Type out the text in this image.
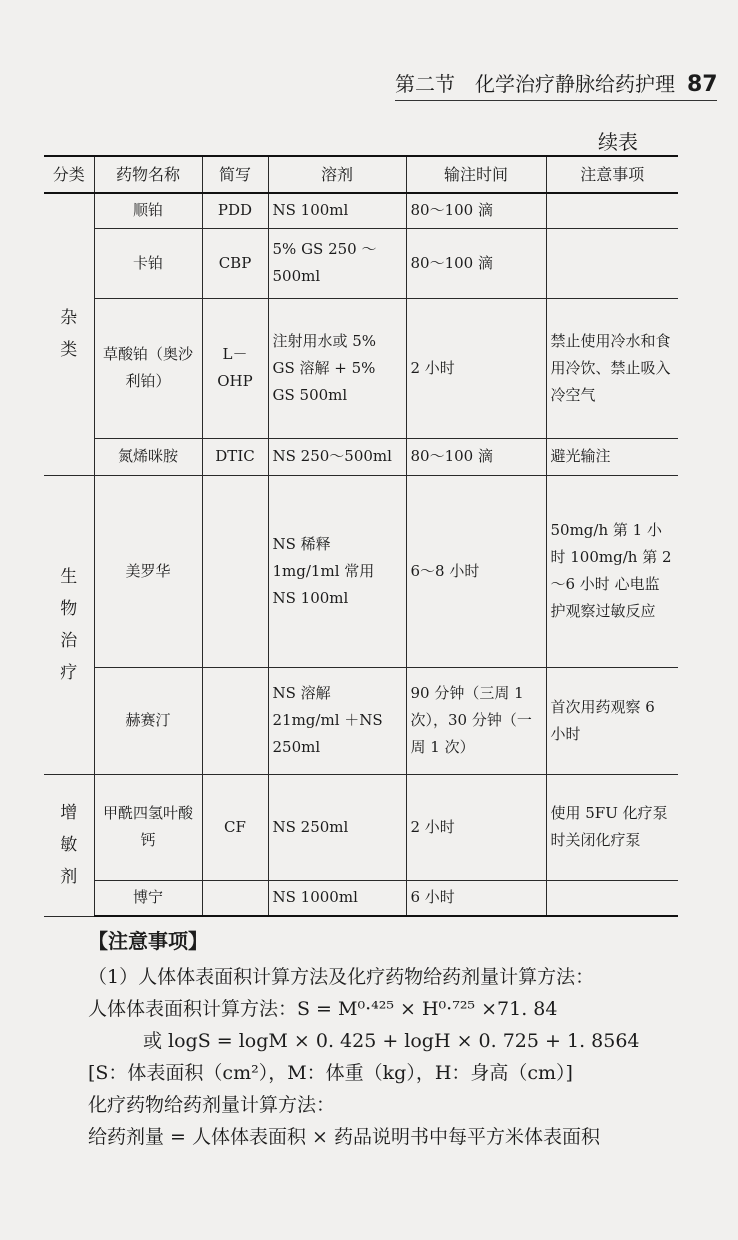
第二节　化学治疗静脉给药护理 87
续表
分类	药物名称	简写	溶剂	输注时间	注意事项

杂类	顺铂	PDD	NS 100ml	80～100 滴	
	卡铂	CBP	5% GS 250 ～ 500ml	80～100 滴	
	草酸铂（奥沙利铂）	L－OHP	注射用水或 5% GS 溶解 + 5% GS 500ml	2 小时	禁止使用冷水和食用冷饮、禁止吸入冷空气
	氮烯咪胺	DTIC	NS 250～500ml	80～100 滴	避光输注

生物治疗	美罗华		NS 稀释 1mg/1ml 常用 NS 100ml	6～8 小时	50mg/h 第 1 小时 100mg/h 第 2～6 小时 心电监护观察过敏反应
	赫赛汀		NS 溶解 21mg/ml ＋NS 250ml	90 分钟（三周 1 次），30 分钟（一周 1 次）	首次用药观察 6 小时

增敏剂	甲酰四氢叶酸钙	CF	NS 250ml	2 小时	使用 5FU 化疗泵时关闭化疗泵
	博宁		NS 1000ml	6 小时	
【注意事项】
（1）人体体表面积计算方法及化疗药物给药剂量计算方法：
人体体表面积计算方法：S = M⁰·⁴²⁵ × H⁰·⁷²⁵ ×71. 84
或 logS = logM × 0. 425 + logH × 0. 725 + 1. 8564
[S：体表面积（cm²），M：体重（kg），H：身高（cm）]
化疗药物给药剂量计算方法：
给药剂量 = 人体体表面积 × 药品说明书中每平方米体表面积
